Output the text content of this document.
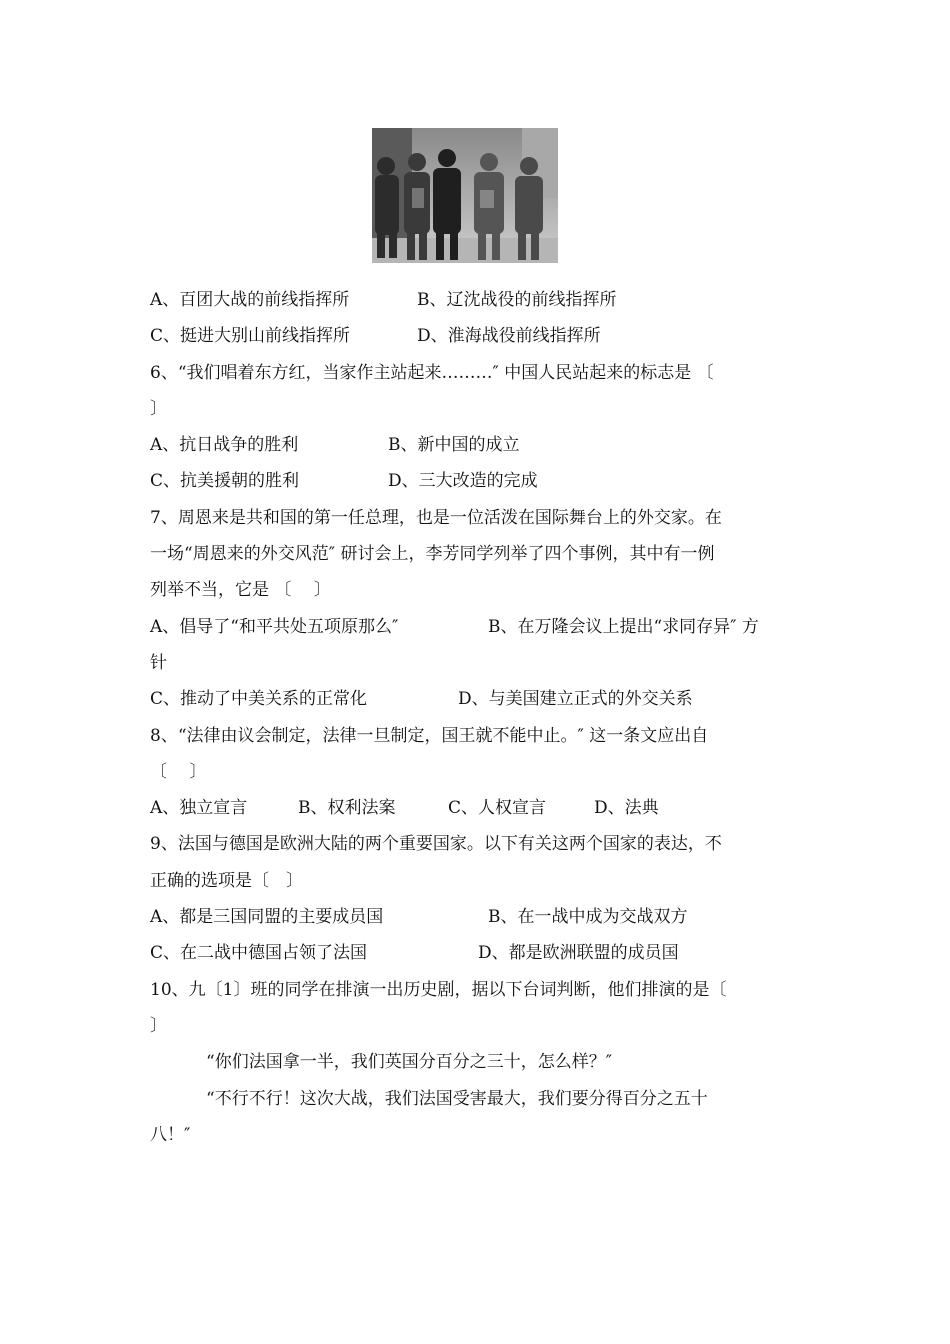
A、百团大战的前线指挥所	B、辽沈战役的前线指挥所
C、挺进大别山前线指挥所	D、淮海战役前线指挥所
6、“我们唱着东方红，当家作主站起来………″ 中国人民站起来的标志是 〔
〕
A、抗日战争的胜利	B、新中国的成立
C、抗美援朝的胜利	D、三大改造的完成
7、周恩来是共和国的第一任总理，也是一位活泼在国际舞台上的外交家。在
一场“周恩来的外交风范″ 研讨会上，李芳同学列举了四个事例，其中有一例
列举不当，它是 〔　 〕
A、倡导了“和平共处五项原那么″	B、在万隆会议上提出“求同存异″ 方
针
C、推动了中美关系的正常化	D、与美国建立正式的外交关系
8、“法律由议会制定，法律一旦制定，国王就不能中止。″ 这一条文应出自
〔　 〕
A、独立宣言	B、权利法案	C、人权宣言	D、法典
9、法国与德国是欧洲大陆的两个重要国家。以下有关这两个国家的表达，不
正确的选项是〔　〕
A、都是三国同盟的主要成员国	B、在一战中成为交战双方
C、在二战中德国占领了法国	D、都是欧洲联盟的成员国
10、九〔1〕班的同学在排演一出历史剧，据以下台词判断，他们排演的是〔
〕
“你们法国拿一半，我们英国分百分之三十，怎么样？″
“不行不行！这次大战，我们法国受害最大，我们要分得百分之五十
八！″
